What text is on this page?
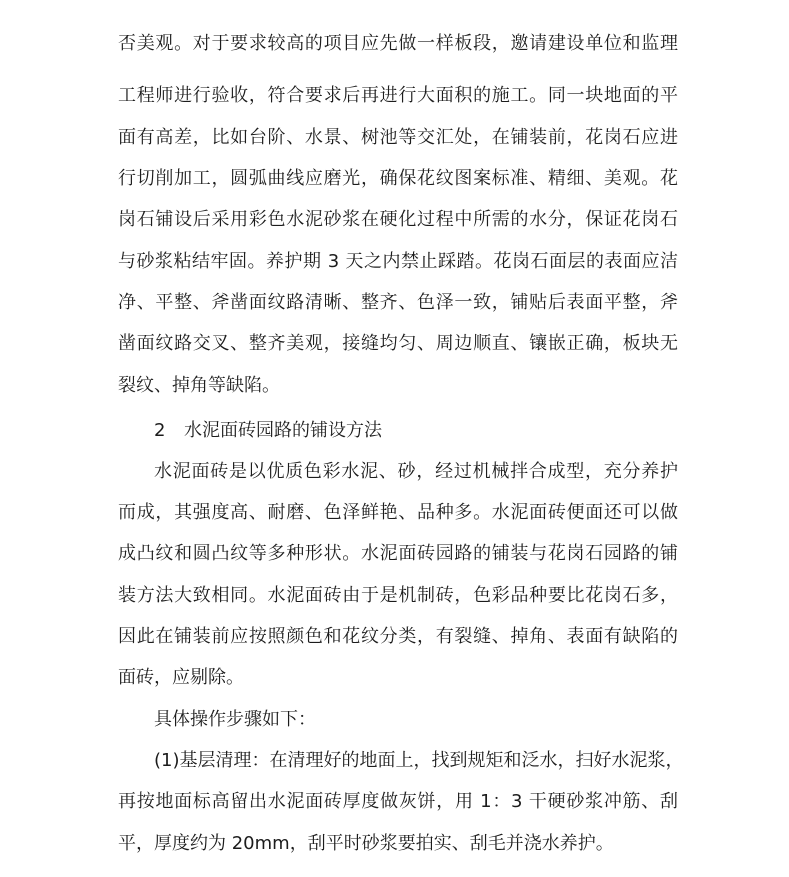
否美观。对于要求较高的项目应先做一样板段，邀请建设单位和监理
工程师进行验收，符合要求后再进行大面积的施工。同一块地面的平
面有高差，比如台阶、水景、树池等交汇处，在铺装前，花岗石应进
行切削加工，圆弧曲线应磨光，确保花纹图案标准、精细、美观。花
岗石铺设后采用彩色水泥砂浆在硬化过程中所需的水分，保证花岗石
与砂浆粘结牢固。养护期 3 天之内禁止踩踏。花岗石面层的表面应洁
净、平整、斧凿面纹路清晰、整齐、色泽一致，铺贴后表面平整，斧
凿面纹路交叉、整齐美观，接缝均匀、周边顺直、镶嵌正确，板块无
裂纹、掉角等缺陷。
2 水泥面砖园路的铺设方法
水泥面砖是以优质色彩水泥、砂，经过机械拌合成型，充分养护
而成，其强度高、耐磨、色泽鲜艳、品种多。水泥面砖便面还可以做
成凸纹和圆凸纹等多种形状。水泥面砖园路的铺装与花岗石园路的铺
装方法大致相同。水泥面砖由于是机制砖，色彩品种要比花岗石多，
因此在铺装前应按照颜色和花纹分类，有裂缝、掉角、表面有缺陷的
面砖，应剔除。
具体操作步骤如下：
(1)基层清理：在清理好的地面上，找到规矩和泛水，扫好水泥浆，
再按地面标高留出水泥面砖厚度做灰饼，用 1：3 干硬砂浆冲筋、刮
平，厚度约为 20mm，刮平时砂浆要拍实、刮毛并浇水养护。
